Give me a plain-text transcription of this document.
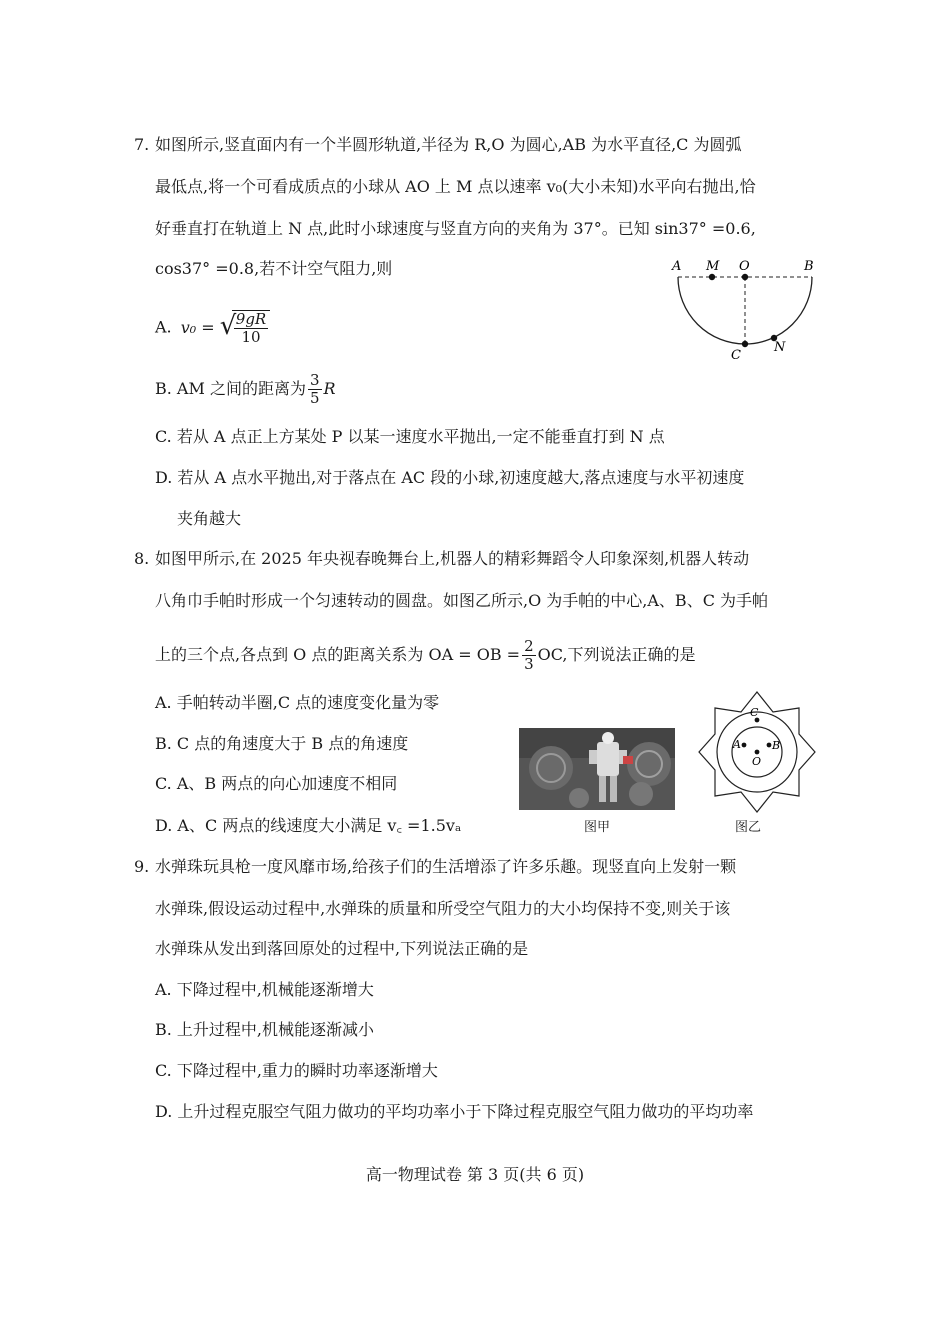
7. 如图所示,竖直面内有一个半圆形轨道,半径为 R,O 为圆心,AB 为水平直径,C 为圆弧
最低点,将一个可看成质点的小球从 AO 上 M 点以速率 v₀(大小未知)水平向右抛出,恰
好垂直打在轨道上 N 点,此时小球速度与竖直方向的夹角为 37°。已知 sin37° =0.6,
cos37° =0.8,若不计空气阻力,则
A. v₀ = √
$\frac{9gR}{10}$
B. AM 之间的距离为 $\frac{3}{5}$ R
C. 若从 A 点正上方某处 P 以某一速度水平抛出,一定不能垂直打到 N 点
D. 若从 A 点水平抛出,对于落点在 AC 段的小球,初速度越大,落点速度与水平初速度
夹角越大
A M O	B
C
N
8. 如图甲所示,在 2025 年央视春晚舞台上,机器人的精彩舞蹈令人印象深刻,机器人转动
八角巾手帕时形成一个匀速转动的圆盘。如图乙所示,O 为手帕的中心,A、B、C 为手帕
上的三个点,各点到 O 点的距离关系为 OA = OB = $\frac{2}{3}$ OC,下列说法正确的是
A. 手帕转动半圈,C 点的速度变化量为零
B. C 点的角速度大于 B 点的角速度
C. A、B 两点的向心加速度不相同
D. A、C 两点的线速度大小满足 v꜀ =1.5vₐ	图甲
C
A	B
O
图乙
9. 水弹珠玩具枪一度风靡市场,给孩子们的生活增添了许多乐趣。现竖直向上发射一颗
水弹珠,假设运动过程中,水弹珠的质量和所受空气阻力的大小均保持不变,则关于该
水弹珠从发出到落回原处的过程中,下列说法正确的是
A. 下降过程中,机械能逐渐增大
B. 上升过程中,机械能逐渐减小
C. 下降过程中,重力的瞬时功率逐渐增大
D. 上升过程克服空气阻力做功的平均功率小于下降过程克服空气阻力做功的平均功率
高一物理试卷 第 3 页(共 6 页)
